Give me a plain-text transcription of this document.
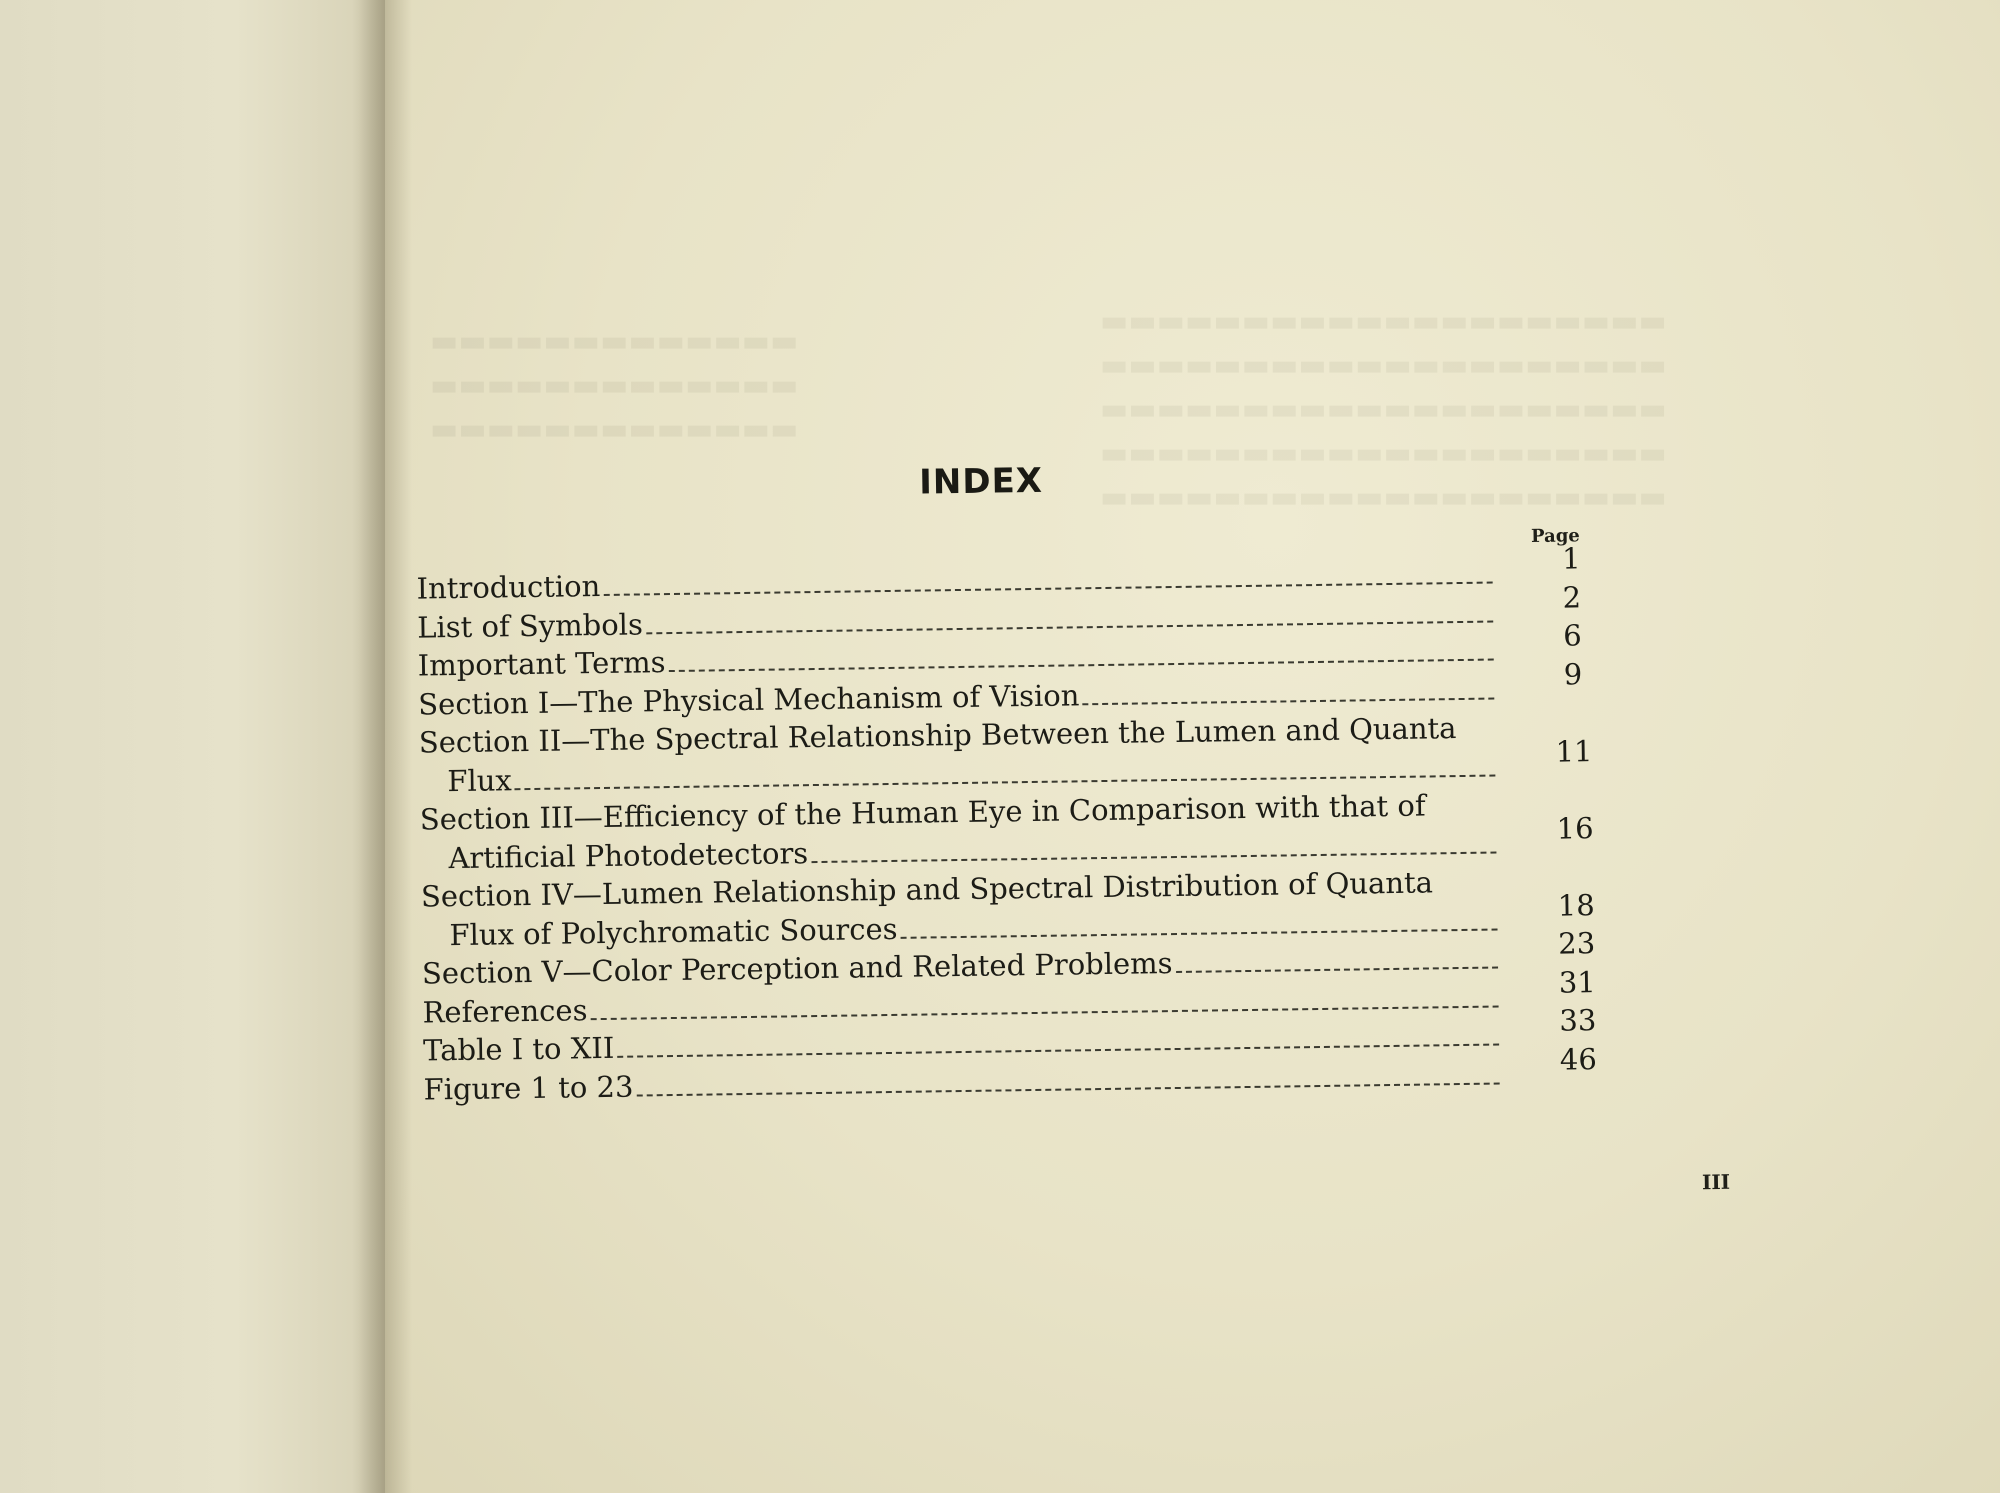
INDEX
Page
Introduction
1
List of Symbols
2
Important Terms
6
Section I—The Physical Mechanism of Vision
9
Section II—The Spectral Relationship Between the Lumen and Quanta
Flux
11
Section III—Efficiency of the Human Eye in Comparison with that of
Artificial Photodetectors
16
Section IV—Lumen Relationship and Spectral Distribution of Quanta
Flux of Polychromatic Sources
18
Section V—Color Perception and Related Problems
23
References
31
Table I to XII
33
Figure 1 to 23
46
III
